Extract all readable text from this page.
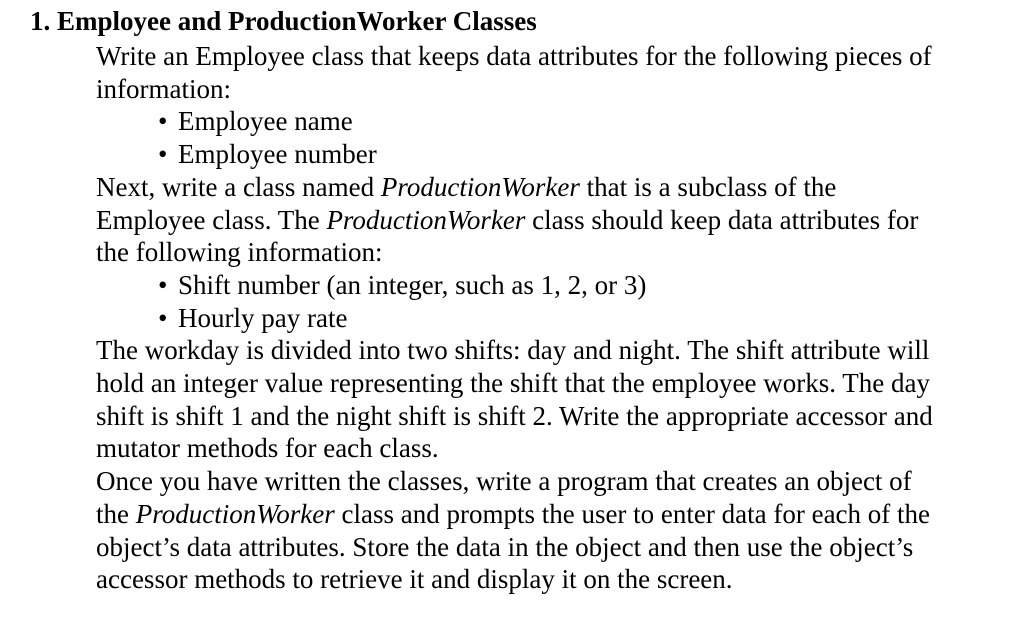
1. Employee and ProductionWorker Classes
Write an Employee class that keeps data attributes for the following pieces of
information:
• Employee name
• Employee number
Next, write a class named ProductionWorker that is a subclass of the
Employee class. The ProductionWorker class should keep data attributes for
the following information:
• Shift number (an integer, such as 1, 2, or 3)
• Hourly pay rate
The workday is divided into two shifts: day and night. The shift attribute will
hold an integer value representing the shift that the employee works. The day
shift is shift 1 and the night shift is shift 2. Write the appropriate accessor and
mutator methods for each class.
Once you have written the classes, write a program that creates an object of
the ProductionWorker class and prompts the user to enter data for each of the
object’s data attributes. Store the data in the object and then use the object’s
accessor methods to retrieve it and display it on the screen.
